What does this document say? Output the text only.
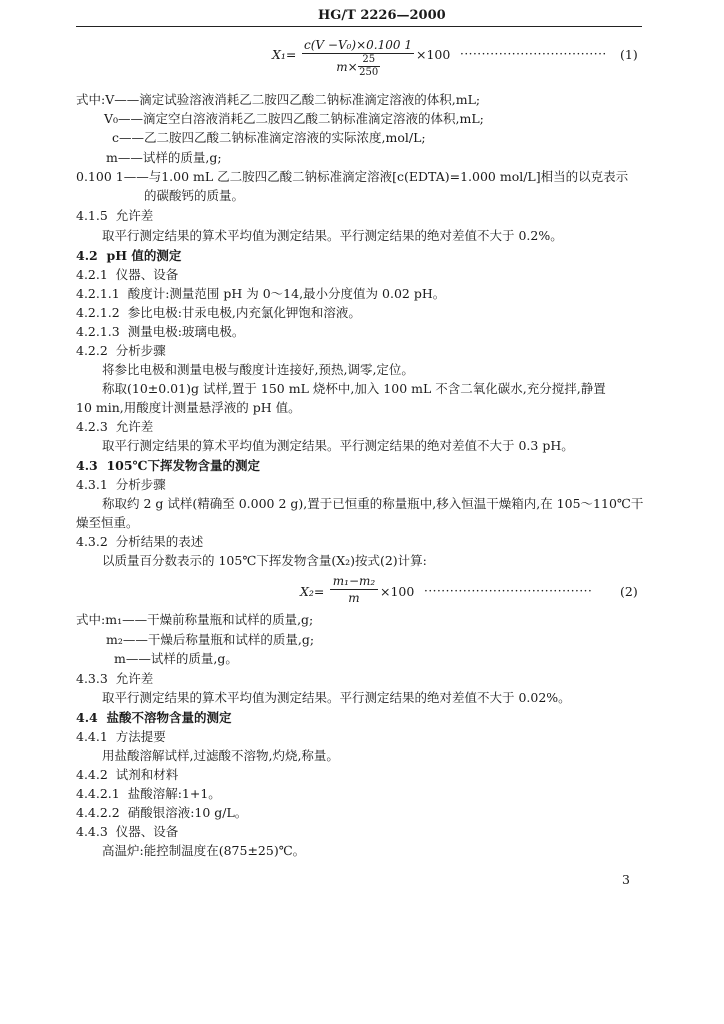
HG/T 2226—2000
X₁=
c(V −V₀)×0.100 1
m× 25
250
×100 ·································· (1)
式中:V——滴定试验溶液消耗乙二胺四乙酸二钠标准滴定溶液的体积,mL;
V₀——滴定空白溶液消耗乙二胺四乙酸二钠标准滴定溶液的体积,mL;
c——乙二胺四乙酸二钠标准滴定溶液的实际浓度,mol/L;
m——试样的质量,g;
0.100 1——与1.00 mL 乙二胺四乙酸二钠标准滴定溶液[c(EDTA)=1.000 mol/L]相当的以克表示
的碳酸钙的质量。
4.1.5 允许差
取平行测定结果的算术平均值为测定结果。平行测定结果的绝对差值不大于 0.2%。
4.2 pH 值的测定
4.2.1 仪器、设备
4.2.1.1 酸度计:测量范围 pH 为 0～14,最小分度值为 0.02 pH。
4.2.1.2 参比电极:甘汞电极,内充氯化钾饱和溶液。
4.2.1.3 测量电极:玻璃电极。
4.2.2 分析步骤
将参比电极和测量电极与酸度计连接好,预热,调零,定位。
称取(10±0.01)g 试样,置于 150 mL 烧杯中,加入 100 mL 不含二氧化碳水,充分搅拌,静置
10 min,用酸度计测量悬浮液的 pH 值。
4.2.3 允许差
取平行测定结果的算术平均值为测定结果。平行测定结果的绝对差值不大于 0.3 pH。
4.3 105℃下挥发物含量的测定
4.3.1 分析步骤
称取约 2 g 试样(精确至 0.000 2 g),置于已恒重的称量瓶中,移入恒温干燥箱内,在 105～110℃干
燥至恒重。
4.3.2 分析结果的表述
以质量百分数表示的 105℃下挥发物含量(X₂)按式(2)计算:
X₂=
m₁−m₂
m ×100 ······································· (2)
式中:m₁——干燥前称量瓶和试样的质量,g;
m₂——干燥后称量瓶和试样的质量,g;
m——试样的质量,g。
4.3.3 允许差
取平行测定结果的算术平均值为测定结果。平行测定结果的绝对差值不大于 0.02%。
4.4 盐酸不溶物含量的测定
4.4.1 方法提要
用盐酸溶解试样,过滤酸不溶物,灼烧,称量。
4.4.2 试剂和材料
4.4.2.1 盐酸溶解:1+1。
4.4.2.2 硝酸银溶液:10 g/L。
4.4.3 仪器、设备
高温炉:能控制温度在(875±25)℃。
3
